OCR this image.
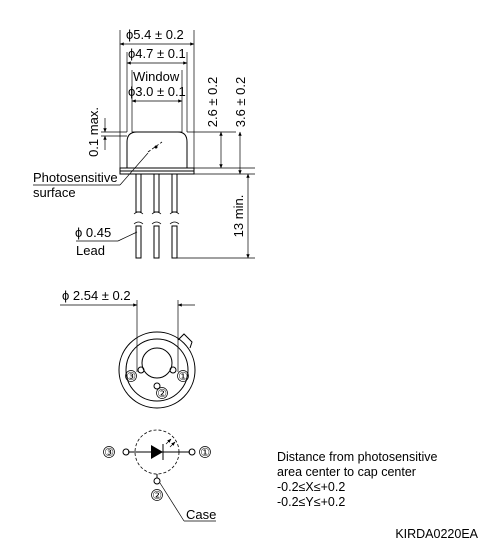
ϕ5.4 ± 0.2
ϕ4.7 ± 0.1
Window
ϕ3.0 ± 0.1
0.1 max.
2.6 ± 0.2 3.6 ± 0.2
13 min.
Photosensitive
surface
ϕ 0.45
Lead
ϕ 2.54 ± 0.2
③	①
②
③	①
②
Case
Distance from photosensitive
area center to cap center
-0.2≤X≤+0.2
-0.2≤Y≤+0.2
KIRDA0220EA
